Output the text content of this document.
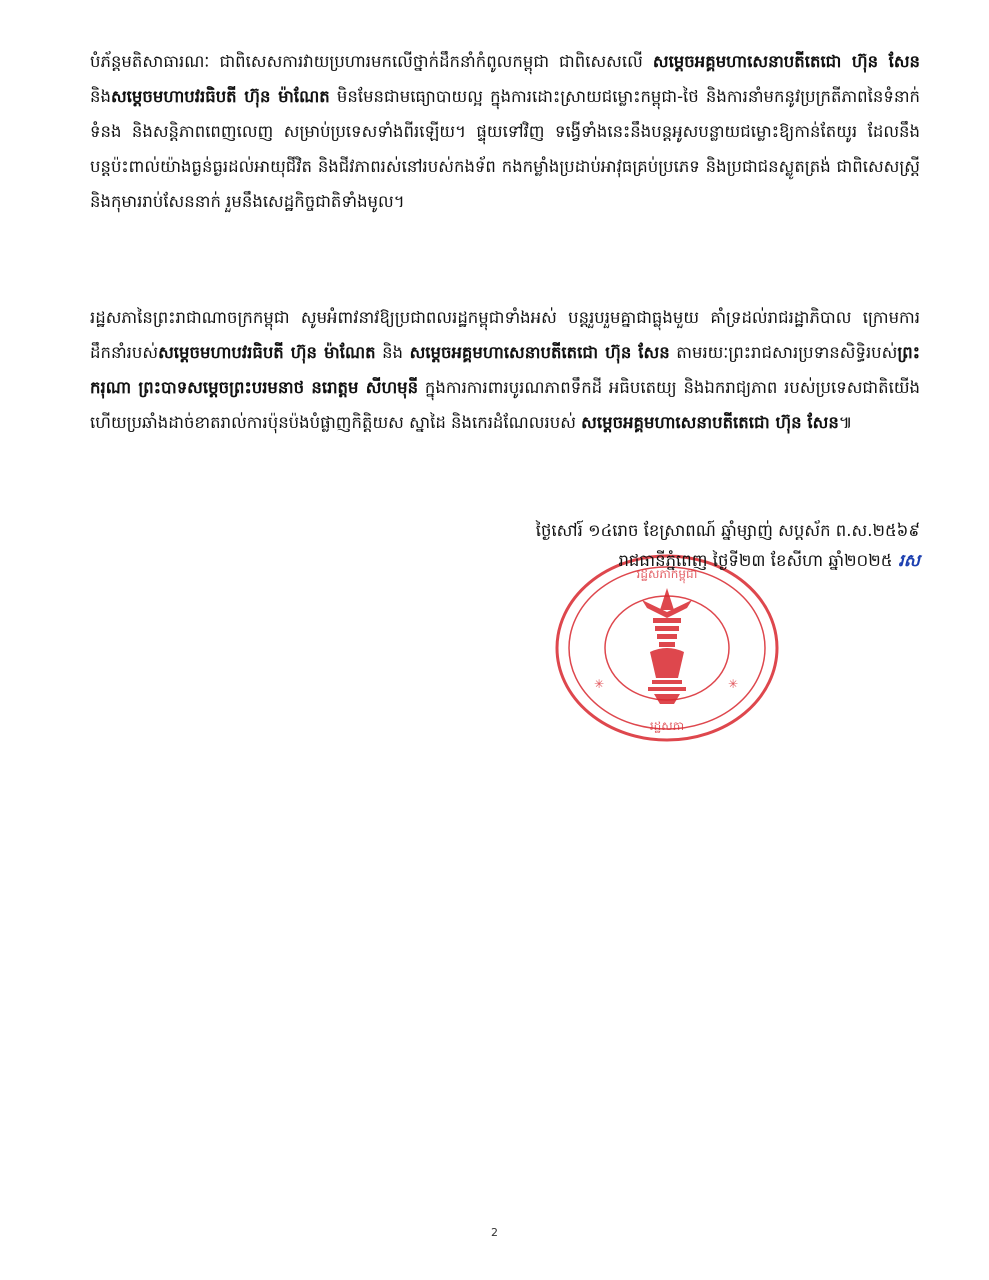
បំភ័ន្តមតិសាធារណៈ ជាពិសេសការវាយប្រហារមកលើថ្នាក់ដឹកនាំកំពូលកម្ពុជា ជាពិសេសលើ សម្តេចអគ្គមហាសេនាបតីតេជោ ហ៊ុន សែន និងសម្តេចមហាបវរធិបតី ហ៊ុន ម៉ាណែត មិនមែនជាមធ្យោបាយល្អ ក្នុងការដោះស្រាយជម្លោះកម្ពុជា-ថៃ និងការនាំមកនូវប្រក្រតីភាពនៃទំនាក់ទំនង និងសន្តិភាពពេញលេញ សម្រាប់ប្រទេសទាំងពីរឡើយ។ ផ្ទុយទៅវិញ ទង្វើទាំងនេះនឹងបន្តអូសបន្លាយជម្លោះឱ្យកាន់តែយូរ ដែលនឹងបន្តប៉ះពាល់យ៉ាងធ្ងន់ធ្ងរដល់អាយុជីវិត និងជីវភាពរស់នៅរបស់កងទ័ព កងកម្លាំងប្រដាប់អាវុធគ្រប់ប្រភេទ និងប្រជាជនស្លូតត្រង់ ជាពិសេសស្ត្រី និងកុមាររាប់សែននាក់ រួមនឹងសេដ្ឋកិច្ចជាតិទាំងមូល។

រដ្ឋសភានៃព្រះរាជាណាចក្រកម្ពុជា សូមអំពាវនាវឱ្យប្រជាពលរដ្ឋកម្ពុជាទាំងអស់ បន្តរួបរួមគ្នាជាធ្លុងមួយ គាំទ្រដល់រាជរដ្ឋាភិបាល ក្រោមការដឹកនាំរបស់សម្តេចមហាបវរធិបតី ហ៊ុន ម៉ាណែត និង សម្តេចអគ្គមហាសេនាបតីតេជោ ហ៊ុន សែន តាមរយៈព្រះរាជសារប្រទានសិទ្ធិរបស់ព្រះករុណា ព្រះបាទសម្តេចព្រះបរមនាថ នរោត្តម សីហមុនី ក្នុងការការពារបូរណភាពទឹកដី អធិបតេយ្យ និងឯករាជ្យភាព របស់ប្រទេសជាតិយើង ហើយប្រឆាំងដាច់ខាតរាល់ការប៉ុនប៉ងបំផ្លាញកិត្តិយស ស្នាដៃ និងកេរដំណែលរបស់ សម្តេចអគ្គមហាសេនាបតីតេជោ ហ៊ុន សែន៕

✳	✳
រដ្ឋសភាកម្ពុជា
រដ្ឋសភា
ថ្ងៃសៅរ៍ ១៤រោច ខែស្រាពណ៍ ឆ្នាំម្សាញ់ សប្តស័ក ព.ស.២៥៦៩
រាជធានីភ្នំពេញ ថ្ងៃទី២៣ ខែសីហា ឆ្នាំ២០២៥ រស
2
